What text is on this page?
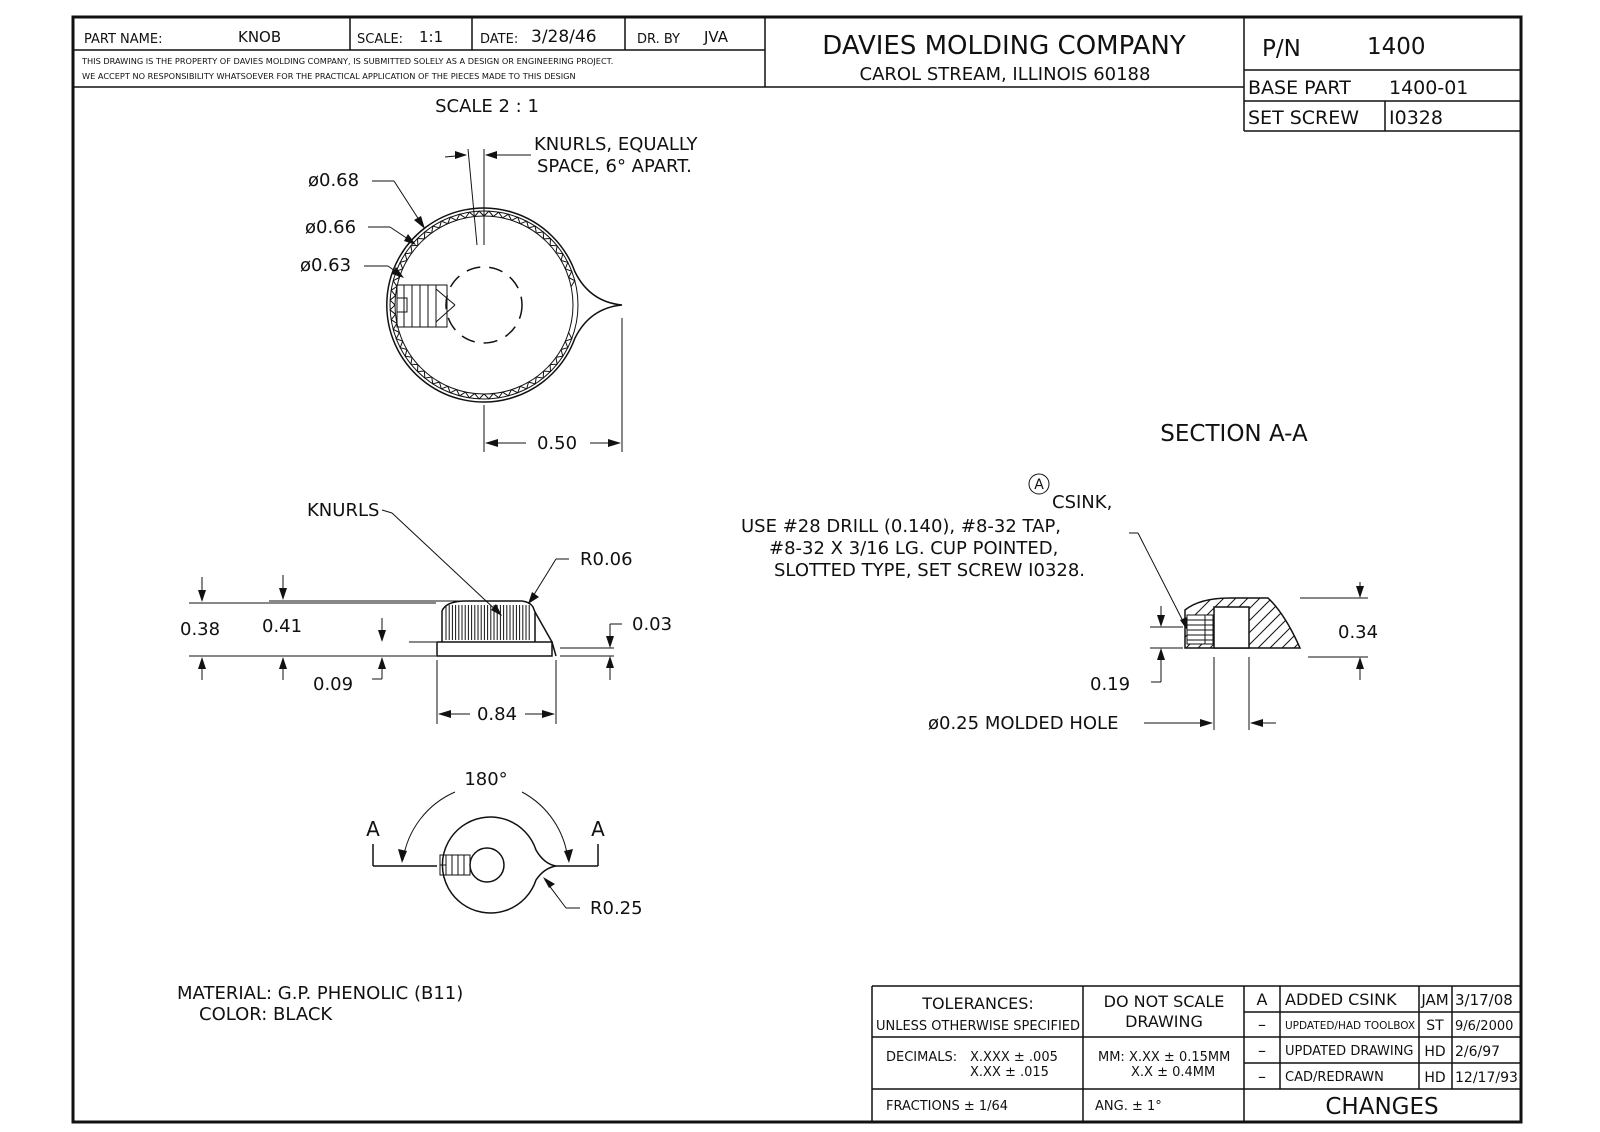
PART NAME:	KNOB	SCALE: 1:1	DATE: 3/28/46	DR. BY JVA
THIS DRAWING IS THE PROPERTY OF DAVIES MOLDING COMPANY, IS SUBMITTED SOLELY AS A DESIGN OR ENGINEERING PROJECT.
WE ACCEPT NO RESPONSIBILITY WHATSOEVER FOR THE PRACTICAL APPLICATION OF THE PIECES MADE TO THIS DESIGN
DAVIES MOLDING COMPANY
CAROL STREAM, ILLINOIS 60188
P/N	1400
BASE PART 1400-01
SET SCREW I0328
SCALE 2 : 1
KNURLS, EQUALLY
SPACE, 6° APART.
ø0.68
ø0.66
ø0.63
0.50
0.38 0.41
0.09
0.03
0.84
KNURLS
R0.06
A	A
180°
R0.25
SECTION A-A
A
CSINK,
USE #28 DRILL (0.140), #8-32 TAP,
#8-32 X 3/16 LG. CUP POINTED,
SLOTTED TYPE, SET SCREW I0328.
0.34
0.19
ø0.25 MOLDED HOLE
MATERIAL: G.P. PHENOLIC (B11)
COLOR: BLACK
TOLERANCES:
UNLESS OTHERWISE SPECIFIED
DO NOT SCALE
DRAWING
DECIMALS: X.XXX ± .005
X.XX ± .015
MM: X.XX ± 0.15MM
X.X ± 0.4MM
FRACTIONS ± 1/64	ANG. ± 1°
A ADDED CSINK JAM 3/17/08
– UPDATED/HAD TOOLBOX ST 9/6/2000
– UPDATED DRAWING HD 2/6/97
– CAD/REDRAWN	HD 12/17/93
CHANGES
